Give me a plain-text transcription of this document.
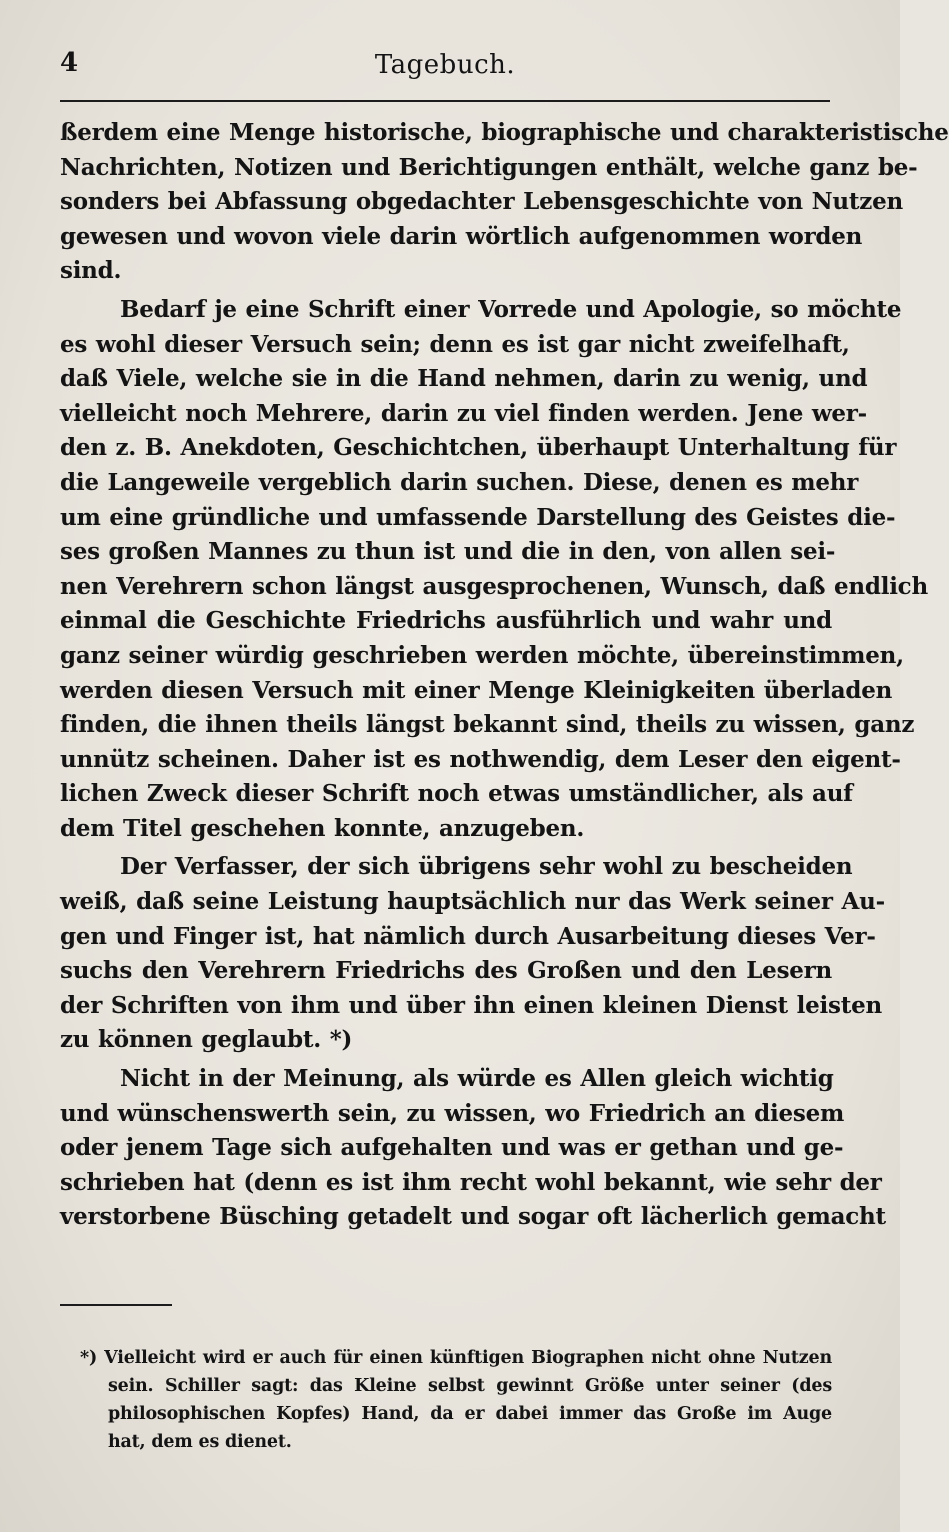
4	Tagebuch.
ßerdem eine Menge historische, biographische und charakteristische
Nachrichten, Notizen und Berichtigungen enthält, welche ganz be-
sonders bei Abfassung obgedachter Lebensgeschichte von Nutzen
gewesen und wovon viele darin wörtlich aufgenommen worden
sind.
Bedarf je eine Schrift einer Vorrede und Apologie, so möchte
es wohl dieser Versuch sein; denn es ist gar nicht zweifelhaft,
daß Viele, welche sie in die Hand nehmen, darin zu wenig, und
vielleicht noch Mehrere, darin zu viel finden werden. Jene wer-
den z. B. Anekdoten, Geschichtchen, überhaupt Unterhaltung für
die Langeweile vergeblich darin suchen. Diese, denen es mehr
um eine gründliche und umfassende Darstellung des Geistes die-
ses großen Mannes zu thun ist und die in den, von allen sei-
nen Verehrern schon längst ausgesprochenen, Wunsch, daß endlich
einmal die Geschichte Friedrichs ausführlich und wahr und
ganz seiner würdig geschrieben werden möchte, übereinstimmen,
werden diesen Versuch mit einer Menge Kleinigkeiten überladen
finden, die ihnen theils längst bekannt sind, theils zu wissen, ganz
unnütz scheinen. Daher ist es nothwendig, dem Leser den eigent-
lichen Zweck dieser Schrift noch etwas umständlicher, als auf
dem Titel geschehen konnte, anzugeben.
Der Verfasser, der sich übrigens sehr wohl zu bescheiden
weiß, daß seine Leistung hauptsächlich nur das Werk seiner Au-
gen und Finger ist, hat nämlich durch Ausarbeitung dieses Ver-
suchs den Verehrern Friedrichs des Großen und den Lesern
der Schriften von ihm und über ihn einen kleinen Dienst leisten
zu können geglaubt. *)
Nicht in der Meinung, als würde es Allen gleich wichtig
und wünschenswerth sein, zu wissen, wo Friedrich an diesem
oder jenem Tage sich aufgehalten und was er gethan und ge-
schrieben hat (denn es ist ihm recht wohl bekannt, wie sehr der
verstorbene Büsching getadelt und sogar oft lächerlich gemacht
*) Vielleicht wird er auch für einen künftigen Biographen nicht ohne Nutzen
sein. Schiller sagt: das Kleine selbst gewinnt Größe unter seiner (des
philosophischen Kopfes) Hand, da er dabei immer das Große im Auge
hat, dem es dienet.
